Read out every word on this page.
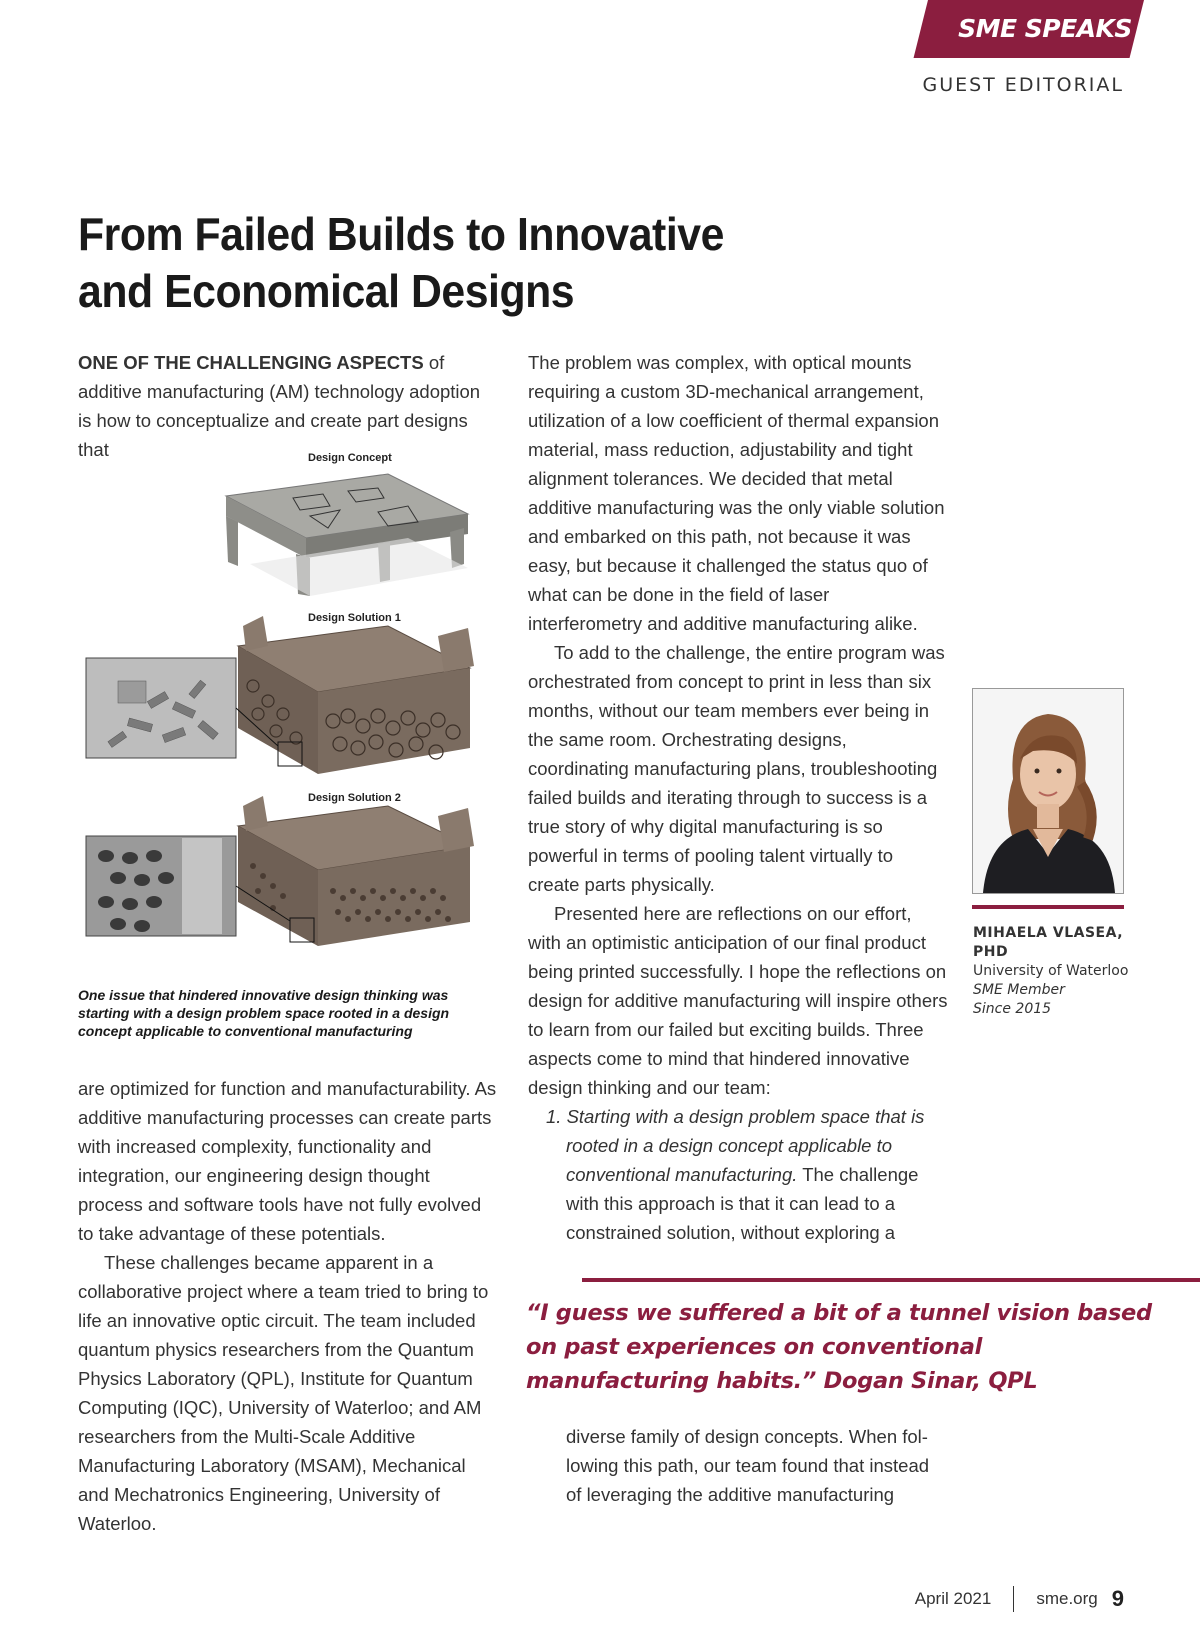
SME SPEAKS
GUEST EDITORIAL
From Failed Builds to Innovative
and Economical Designs

ONE OF THE CHALLENGING ASPECTS of additive manufacturing (AM) technology adoption is how to conceptualize and create part designs that	Design Concept
Design Solution 1
Design Solution 2
One issue that hindered innovative design thinking was starting with a design problem space rooted in a design concept applicable to conventional manufacturing

are optimized for function and manufacturability. As additive manufacturing processes can create parts with increased complexity, functionality and integration, our engineering design thought process and software tools have not fully evolved to take advantage of these potentials.

These challenges became apparent in a collaborative project where a team tried to bring to life an innovative optic circuit. The team included quantum physics researchers from the Quantum Physics Laboratory (QPL), Institute for Quantum Computing (IQC), University of Waterloo; and AM researchers from the Multi-Scale Additive Manufacturing Laboratory (MSAM), Mechanical and Mechatronics Engineering, University of Waterloo.

The problem was complex, with optical mounts requiring a custom 3D-mechanical arrangement, utilization of a low coefficient of thermal expansion material, mass reduction, adjustability and tight alignment tolerances. We decided that metal additive manufacturing was the only viable solution and embarked on this path, not because it was easy, but because it challenged the status quo of what can be done in the field of laser interferometry and additive manufacturing alike.

To add to the challenge, the entire program was orchestrated from concept to print in less than six months, without our team members ever being in the same room. Orchestrating designs, coordinating manufacturing plans, troubleshooting failed builds and iterating through to success is a true story of why digital manufacturing is so powerful in terms of pooling talent virtually to create parts physically.

Presented here are reflections on our effort, with an optimistic anticipation of our final product being printed successfully. I hope the reflections on design for additive manufacturing will inspire others to learn from our failed but exciting builds. Three aspects come to mind that hindered innovative design thinking and our team:

1. Starting with a design problem space that is rooted in a design concept applicable to conventional manufacturing. The challenge with this approach is that it can lead to a constrained solution, without exploring a

diverse family of design concepts. When fol-lowing this path, our team found that instead of leveraging the additive manufacturing

MIHAELA VLASEA, PHD
University of Waterloo
SME Member
Since 2015
“I guess we suffered a bit of a tunnel vision based on past experiences on conventional manufacturing habits.” Dogan Sinar, QPL
April 2021	sme.org 9
